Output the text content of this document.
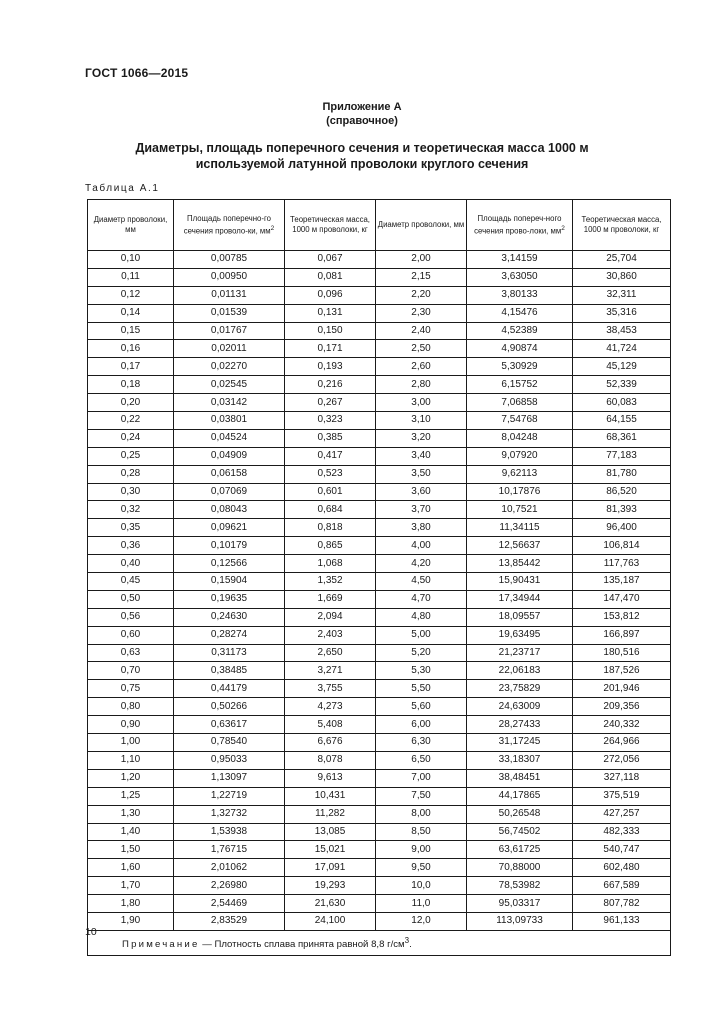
ГОСТ 1066—2015
Приложение А
(справочное)
Диаметры, площадь поперечного сечения и теоретическая масса 1000 м
используемой латунной проволоки круглого сечения
Таблица А.1
Диаметр проволоки, мм	Площадь поперечно-го сечения проволо-ки, $мм^2$	Теоретическая масса, 1000 м проволоки, кг	Диаметр проволоки, мм	Площадь попереч-ного сечения прово-локи, $мм^2$	Теоретическая масса, 1000 м проволоки, кг
0,10	0,00785	0,067	2,00	3,14159	25,704
0,11	0,00950	0,081	2,15	3,63050	30,860
0,12	0,01131	0,096	2,20	3,80133	32,311
0,14	0,01539	0,131	2,30	4,15476	35,316
0,15	0,01767	0,150	2,40	4,52389	38,453
0,16	0,02011	0,171	2,50	4,90874	41,724
0,17	0,02270	0,193	2,60	5,30929	45,129
0,18	0,02545	0,216	2,80	6,15752	52,339
0,20	0,03142	0,267	3,00	7,06858	60,083
0,22	0,03801	0,323	3,10	7,54768	64,155
0,24	0,04524	0,385	3,20	8,04248	68,361
0,25	0,04909	0,417	3,40	9,07920	77,183
0,28	0,06158	0,523	3,50	9,62113	81,780
0,30	0,07069	0,601	3,60	10,17876	86,520
0,32	0,08043	0,684	3,70	10,7521	81,393
0,35	0,09621	0,818	3,80	11,34115	96,400
0,36	0,10179	0,865	4,00	12,56637	106,814
0,40	0,12566	1,068	4,20	13,85442	117,763
0,45	0,15904	1,352	4,50	15,90431	135,187
0,50	0,19635	1,669	4,70	17,34944	147,470
0,56	0,24630	2,094	4,80	18,09557	153,812
0,60	0,28274	2,403	5,00	19,63495	166,897
0,63	0,31173	2,650	5,20	21,23717	180,516
0,70	0,38485	3,271	5,30	22,06183	187,526
0,75	0,44179	3,755	5,50	23,75829	201,946
0,80	0,50266	4,273	5,60	24,63009	209,356
0,90	0,63617	5,408	6,00	28,27433	240,332
1,00	0,78540	6,676	6,30	31,17245	264,966
1,10	0,95033	8,078	6,50	33,18307	272,056
1,20	1,13097	9,613	7,00	38,48451	327,118
1,25	1,22719	10,431	7,50	44,17865	375,519
1,30	1,32732	11,282	8,00	50,26548	427,257
1,40	1,53938	13,085	8,50	56,74502	482,333
1,50	1,76715	15,021	9,00	63,61725	540,747
1,60	2,01062	17,091	9,50	70,88000	602,480
1,70	2,26980	19,293	10,0	78,53982	667,589
1,80	2,54469	21,630	11,0	95,03317	807,782
1,90	2,83529	24,100	12,0	113,09733	961,133
Примечание — Плотность сплава принята равной 8,8 $г/см^3$.					
10
